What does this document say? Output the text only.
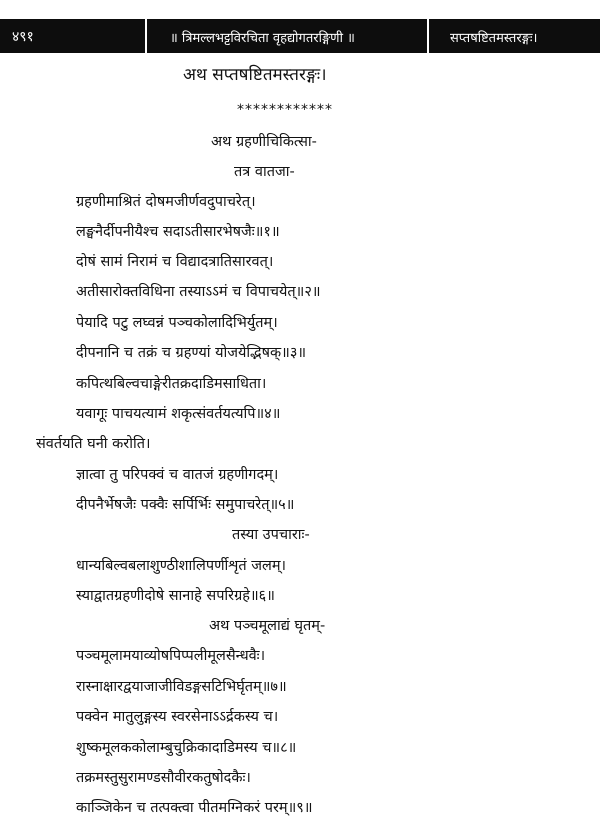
४९१	॥ त्रिमल्लभट्टविरचिता वृहद्योगतरङ्गिणी ॥	सप्तषष्टितमस्तरङ्गः।
अथ सप्तषष्टितमस्तरङ्गः।
************
अथ ग्रहणीचिकित्सा-
तत्र वातजा-
ग्रहणीमाश्रितं दोषमजीर्णवदुपाचरेत्।
लङ्घनैर्दीपनीयैश्च सदाऽतीसारभेषजैः॥१॥
दोषं सामं निरामं च विद्यादत्रातिसारवत्।
अतीसारोक्तविधिना तस्याऽऽमं च विपाचयेत्॥२॥
पेयादि पटु लघ्वन्नं पञ्चकोलादिभिर्युतम्।
दीपनानि च तक्रं च ग्रहण्यां योजयेद्भिषक्॥३॥
कपित्थबिल्वचाङ्गेरीतक्रदाडिमसाधिता।
यवागूः पाचयत्यामं शकृत्संवर्तयत्यपि॥४॥
संवर्तयति घनी करोति।
ज्ञात्वा तु परिपक्वं च वातजं ग्रहणीगदम्।
दीपनैर्भेषजैः पक्वैः सर्पिर्भिः समुपाचरेत्॥५॥
तस्या उपचाराः-
धान्यबिल्वबलाशुण्ठीशालिपर्णीशृतं जलम्।
स्याद्वातग्रहणीदोषे सानाहे सपरिग्रहे॥६॥
अथ पञ्चमूलाद्यं घृतम्-
पञ्चमूलामयाव्योषपिप्पलीमूलसैन्धवैः।
रास्नाक्षारद्वयाजाजीविडङ्गसटिभिर्घृतम्॥७॥
पक्वेन मातुलुङ्गस्य स्वरसेनाऽऽर्द्रकस्य च।
शुष्कमूलककोलाम्बुचुक्रिकादाडिमस्य च॥८॥
तक्रमस्तुसुरामण्डसौवीरकतुषोदकैः।
काञ्जिकेन च तत्पक्त्वा पीतमग्निकरं परम्॥९॥
